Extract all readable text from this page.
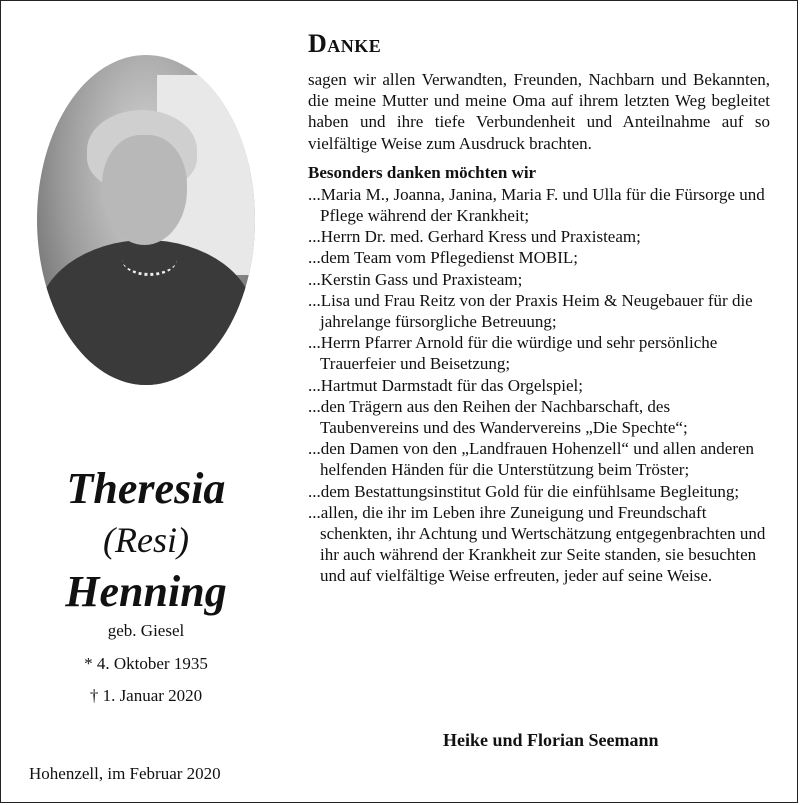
Theresia
(Resi)
Henning
geb. Giesel
* 4. Oktober 1935
† 1. Januar 2020
Hohenzell, im Februar 2020
Danke

sagen wir allen Verwandten, Freunden, Nachbarn und Bekannten, die meine Mutter und meine Oma auf ihrem letzten Weg begleitet haben und ihre tiefe Verbundenheit und Anteilnahme auf so vielfältige Weise zum Ausdruck brachten.

Besonders danken möchten wir

...Maria M., Joanna, Janina, Maria F. und Ulla für die Fürsorge und Pflege während der Krankheit;
...Herrn Dr. med. Gerhard Kress und Praxisteam;
...dem Team vom Pflegedienst MOBIL;
...Kerstin Gass und Praxisteam;
...Lisa und Frau Reitz von der Praxis Heim & Neugebauer für die jahrelange fürsorgliche Betreuung;
...Herrn Pfarrer Arnold für die würdige und sehr persönliche Trauerfeier und Beisetzung;
...Hartmut Darmstadt für das Orgelspiel;
...den Trägern aus den Reihen der Nachbarschaft, des Taubenvereins und des Wandervereins „Die Spechte“;
...den Damen von den „Landfrauen Hohenzell“ und allen anderen helfenden Händen für die Unterstützung beim Tröster;
...dem Bestattungsinstitut Gold für die einfühlsame Begleitung;
...allen, die ihr im Leben ihre Zuneigung und Freundschaft schenkten, ihr Achtung und Wertschätzung entgegenbrachten und ihr auch während der Krankheit zur Seite standen, sie besuchten und auf vielfältige Weise erfreuten, jeder auf seine Weise.
Heike und Florian Seemann
